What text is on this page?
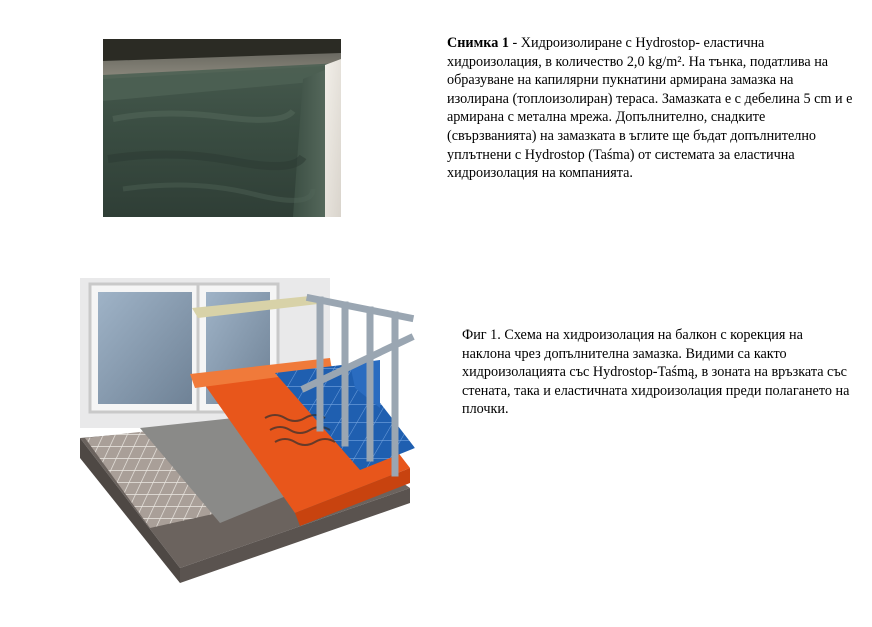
Снимка 1 - Хидроизолиране с Hydrostop- еластична хидроизолация, в количество 2,0 kg/m². На тънка, податлива на образуване на капилярни пукнатини армирана замазка на изолирана (топлоизолиран) тераса. Замазката е с дебелина 5 cm и е армирана с метална мрежа. Допълнително, снадките (свързванията) на замазката в ъглите ще бъдат допълнително уплътнени с Hydrostop (Taśma) от системата за еластична хидроизолация на компанията.

Фиг 1. Схема на хидроизолация на балкон с корекция на наклона чрез допълнителна замазка. Видими са както хидроизолацията със Hydrostop-Taśmą, в зоната на връзката със стената, така и еластичната хидроизолация преди полагането на плочки.
